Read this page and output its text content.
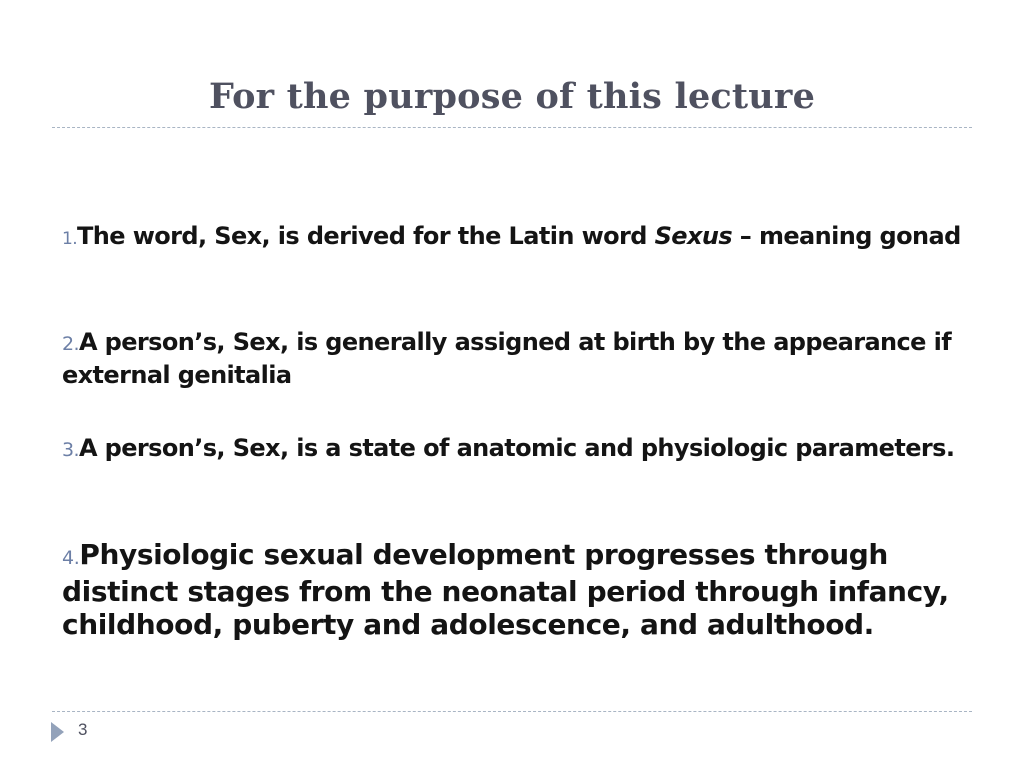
For the purpose of this lecture
1.The word, Sex, is derived for the Latin word Sexus – meaning gonad
2.A person’s, Sex, is generally assigned at birth by the appearance if external genitalia
3.A person’s, Sex, is a state of anatomic and physiologic parameters.
4.Physiologic sexual development progresses through distinct stages from the neonatal period through infancy, childhood, puberty and adolescence, and adulthood.
3
